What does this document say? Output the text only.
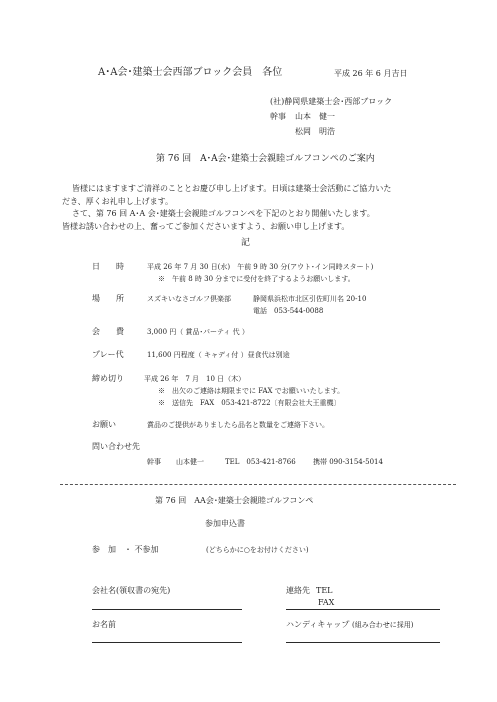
A･A会･建築士会西部ブロック会員　各位	平成 26 年 6 月吉日
(社)静岡県建築士会･西部ブロック
幹事 山本　健一
松岡　明浩
第 76 回　A･A会･建築士会親睦ゴルフコンペのご案内
皆様にはますますご清祥のこととお慶び申し上げます。日頃は建築士会活動にご協力いた
だき、厚くお礼申し上げます。
さて、第 76 回 A･A 会･建築士会親睦ゴルフコンペを下記のとおり開催いたします。
皆様お誘い合わせの上、奮ってご参加くださいますよう、お願い申し上げます。
記
日　　時	平成 26 年 7 月 30 日(水)　午前 9 時 30 分(アウト･イン同時スタート)
※　午前 8 時 30 分までに受付を終了するようお願いします。
場　　所	スズキいなさゴルフ倶楽部	静岡県浜松市北区引佐町川名 20-10
電話　053-544-0088
会　　費	3,000 円（ 賞品･パーティ 代 ）
プレー代	11,600 円程度（ キャディ付 ）昼食代は別途
締め切り	平成 26 年　7 月　10 日（木）
※　出欠のご連絡は期限までに FAX でお願いいたします。
※　送信先　FAX　053-421-8722〔有限会社大王重機〕
お願い	賞品のご提供がありましたら品名と数量をご連絡下さい。
問い合わせ先
幹事 山本健一	TEL　053-421-8766 携帯 090-3154-5014
第 76 回　AA会･建築士会親睦ゴルフコンペ
参加申込書
参　加　・ 不参加	(どちらかに○をお付けください)
会社名(領収書の宛先)	連絡先 TEL
FAX
お名前	ハンディキャップ (組み合わせに採用)
